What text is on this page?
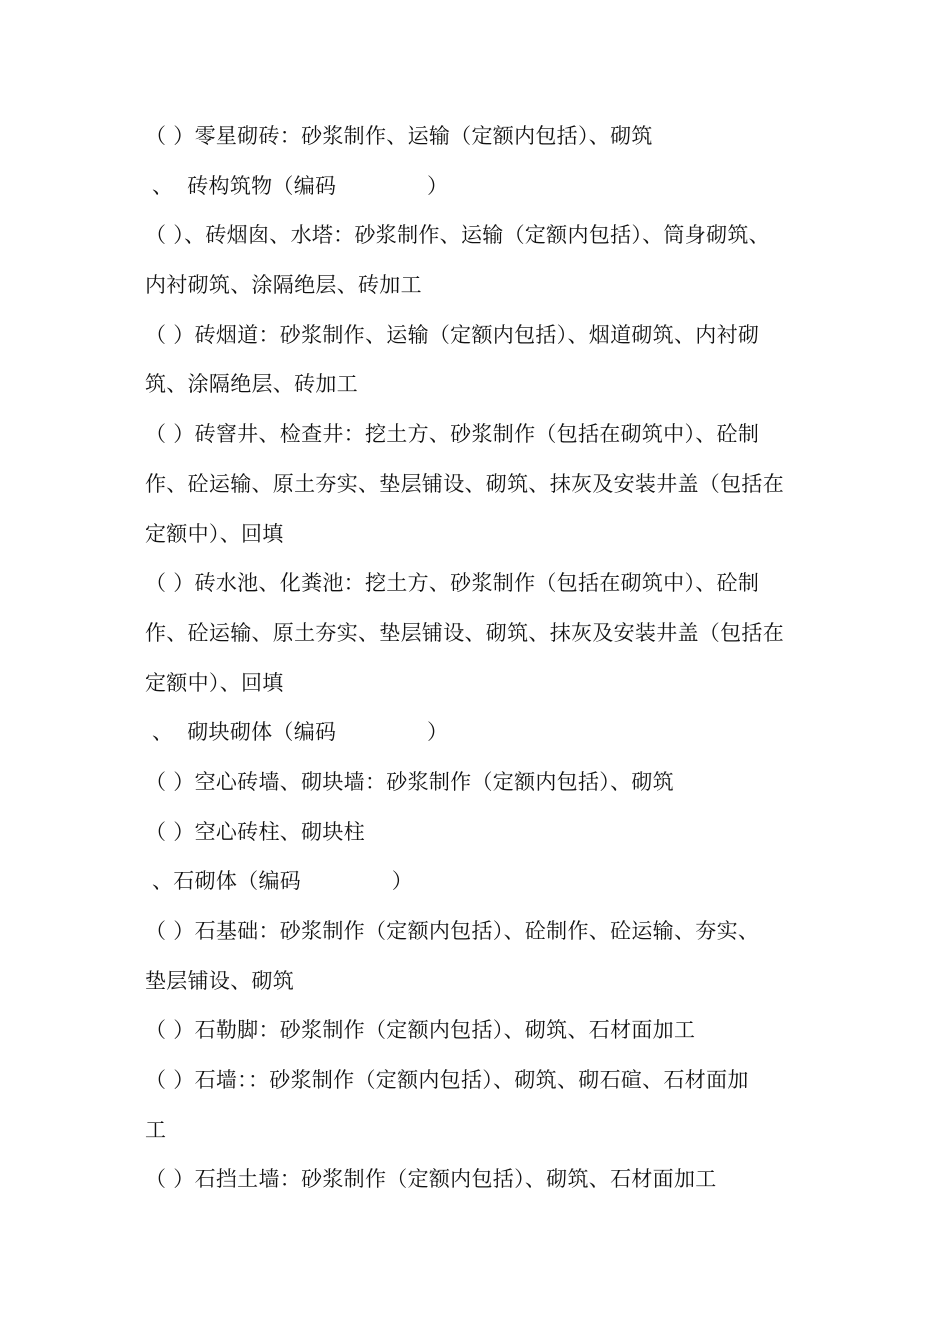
（ ）零星砌砖：砂浆制作、运输（定额内包括）、砌筑
、  砖构筑物（编码             ）
（ ）、砖烟囱、水塔：砂浆制作、运输（定额内包括）、筒身砌筑、
内衬砌筑、涂隔绝层、砖加工
（ ）砖烟道：砂浆制作、运输（定额内包括）、烟道砌筑、内衬砌
筑、涂隔绝层、砖加工
（ ）砖窨井、检查井：挖土方、砂浆制作（包括在砌筑中）、砼制
作、砼运输、原土夯实、垫层铺设、砌筑、抹灰及安装井盖（包括在
定额中）、回填
（ ）砖水池、化粪池：挖土方、砂浆制作（包括在砌筑中）、砼制
作、砼运输、原土夯实、垫层铺设、砌筑、抹灰及安装井盖（包括在
定额中）、回填
、  砌块砌体（编码             ）
（ ）空心砖墙、砌块墙：砂浆制作（定额内包括）、砌筑
（ ）空心砖柱、砌块柱
、石砌体（编码             ）
（ ）石基础：砂浆制作（定额内包括）、砼制作、砼运输、夯实、
垫层铺设、砌筑
（ ）石勒脚：砂浆制作（定额内包括）、砌筑、石材面加工
（ ）石墙：：砂浆制作（定额内包括）、砌筑、砌石碹、石材面加
工
（ ）石挡土墙：砂浆制作（定额内包括）、砌筑、石材面加工
